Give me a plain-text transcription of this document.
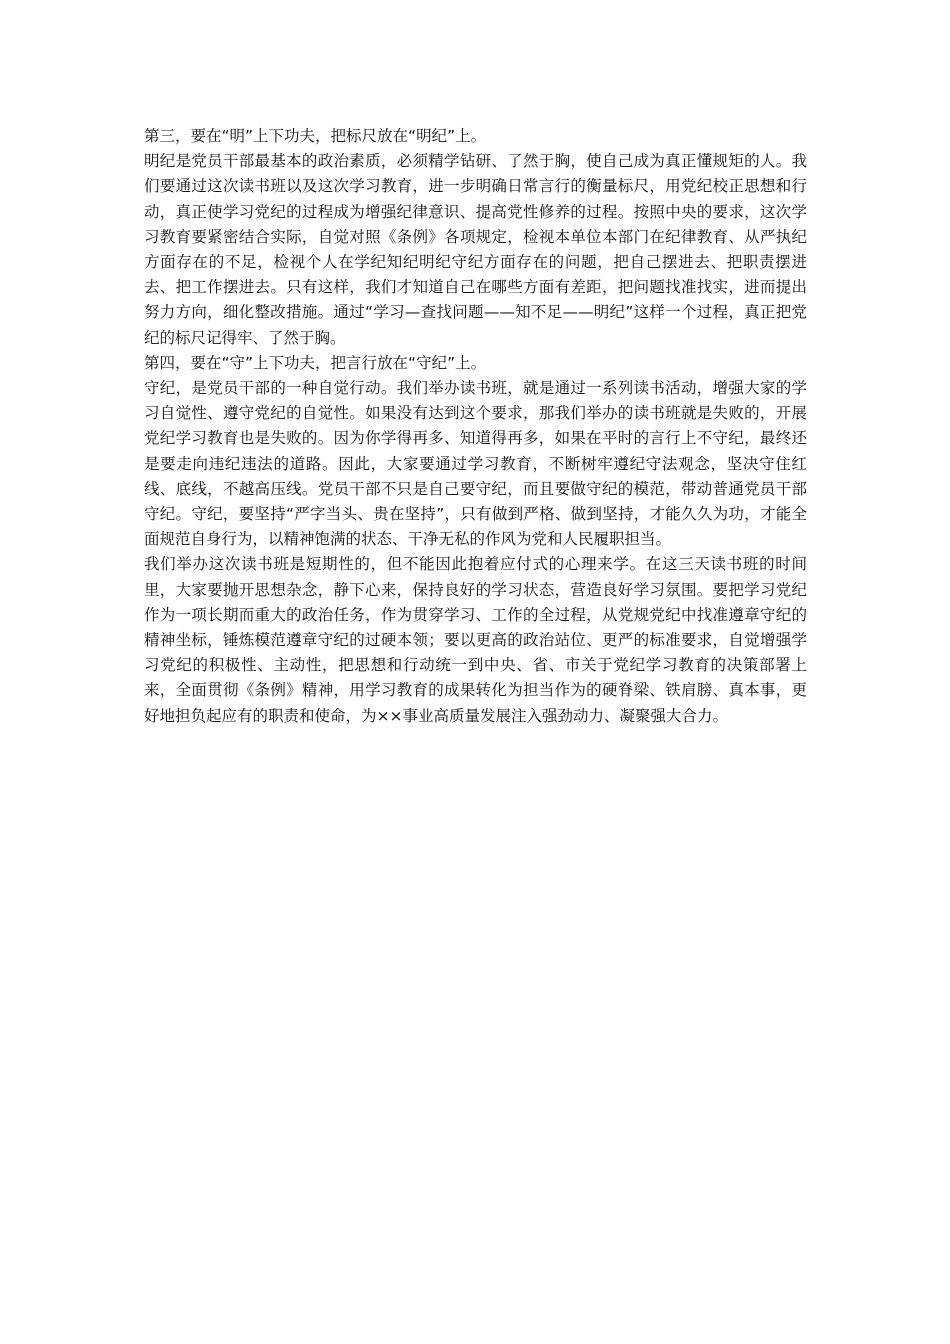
第三，要在“明”上下功夫，把标尺放在“明纪”上。

明纪是党员干部最基本的政治素质，必须精学钻研、了然于胸，使自己成为真正懂规矩的人。我们要通过这次读书班以及这次学习教育，进一步明确日常言行的衡量标尺，用党纪校正思想和行动，真正使学习党纪的过程成为增强纪律意识、提高党性修养的过程。按照中央的要求，这次学习教育要紧密结合实际，自觉对照《条例》各项规定，检视本单位本部门在纪律教育、从严执纪方面存在的不足，检视个人在学纪知纪明纪守纪方面存在的问题，把自己摆进去、把职责摆进去、把工作摆进去。只有这样，我们才知道自己在哪些方面有差距，把问题找准找实，进而提出努力方向，细化整改措施。通过“学习—查找问题——知不足——明纪”这样一个过程，真正把党纪的标尺记得牢、了然于胸。

第四，要在“守”上下功夫，把言行放在“守纪”上。

守纪，是党员干部的一种自觉行动。我们举办读书班，就是通过一系列读书活动，增强大家的学习自觉性、遵守党纪的自觉性。如果没有达到这个要求，那我们举办的读书班就是失败的，开展党纪学习教育也是失败的。因为你学得再多、知道得再多，如果在平时的言行上不守纪，最终还是要走向违纪违法的道路。因此，大家要通过学习教育，不断树牢遵纪守法观念，坚决守住红线、底线，不越高压线。党员干部不只是自己要守纪，而且要做守纪的模范，带动普通党员干部守纪。守纪，要坚持“严字当头、贵在坚持”，只有做到严格、做到坚持，才能久久为功，才能全面规范自身行为，以精神饱满的状态、干净无私的作风为党和人民履职担当。

我们举办这次读书班是短期性的，但不能因此抱着应付式的心理来学。在这三天读书班的时间里，大家要抛开思想杂念，静下心来，保持良好的学习状态，营造良好学习氛围。要把学习党纪作为一项长期而重大的政治任务，作为贯穿学习、工作的全过程，从党规党纪中找准遵章守纪的精神坐标，锤炼模范遵章守纪的过硬本领；要以更高的政治站位、更严的标准要求，自觉增强学习党纪的积极性、主动性，把思想和行动统一到中央、省、市关于党纪学习教育的决策部署上来，全面贯彻《条例》精神，用学习教育的成果转化为担当作为的硬脊梁、铁肩膀、真本事，更好地担负起应有的职责和使命，为××事业高质量发展注入强劲动力、凝聚强大合力。
